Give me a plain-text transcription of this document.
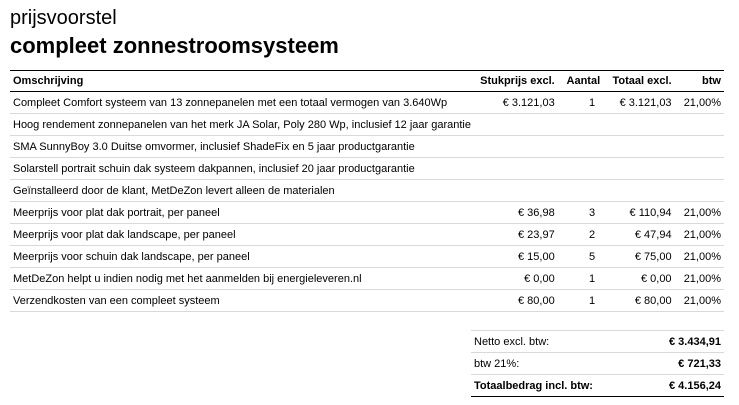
prijsvoorstel
compleet zonnestroomsysteem
Omschrijving	Stukprijs excl.	Aantal	Totaal excl.	btw
Compleet Comfort systeem van 13 zonnepanelen met een totaal vermogen van 3.640Wp	€ 3.121,03	1	€ 3.121,03	21,00%
Hoog rendement zonnepanelen van het merk JA Solar, Poly 280 Wp, inclusief 12 jaar garantie				
SMA SunnyBoy 3.0 Duitse omvormer, inclusief ShadeFix en 5 jaar productgarantie				
Solarstell portrait schuin dak systeem dakpannen, inclusief 20 jaar productgarantie				
Geïnstalleerd door de klant, MetDeZon levert alleen de materialen				
Meerprijs voor plat dak portrait, per paneel	€ 36,98	3	€ 110,94	21,00%
Meerprijs voor plat dak landscape, per paneel	€ 23,97	2	€ 47,94	21,00%
Meerprijs voor schuin dak landscape, per paneel	€ 15,00	5	€ 75,00	21,00%
MetDeZon helpt u indien nodig met het aanmelden bij energieleveren.nl	€ 0,00	1	€ 0,00	21,00%
Verzendkosten van een compleet systeem	€ 80,00	1	€ 80,00	21,00%
Netto excl. btw:	€ 3.434,91
btw 21%:	€ 721,33
Totaalbedrag incl. btw:	€ 4.156,24
